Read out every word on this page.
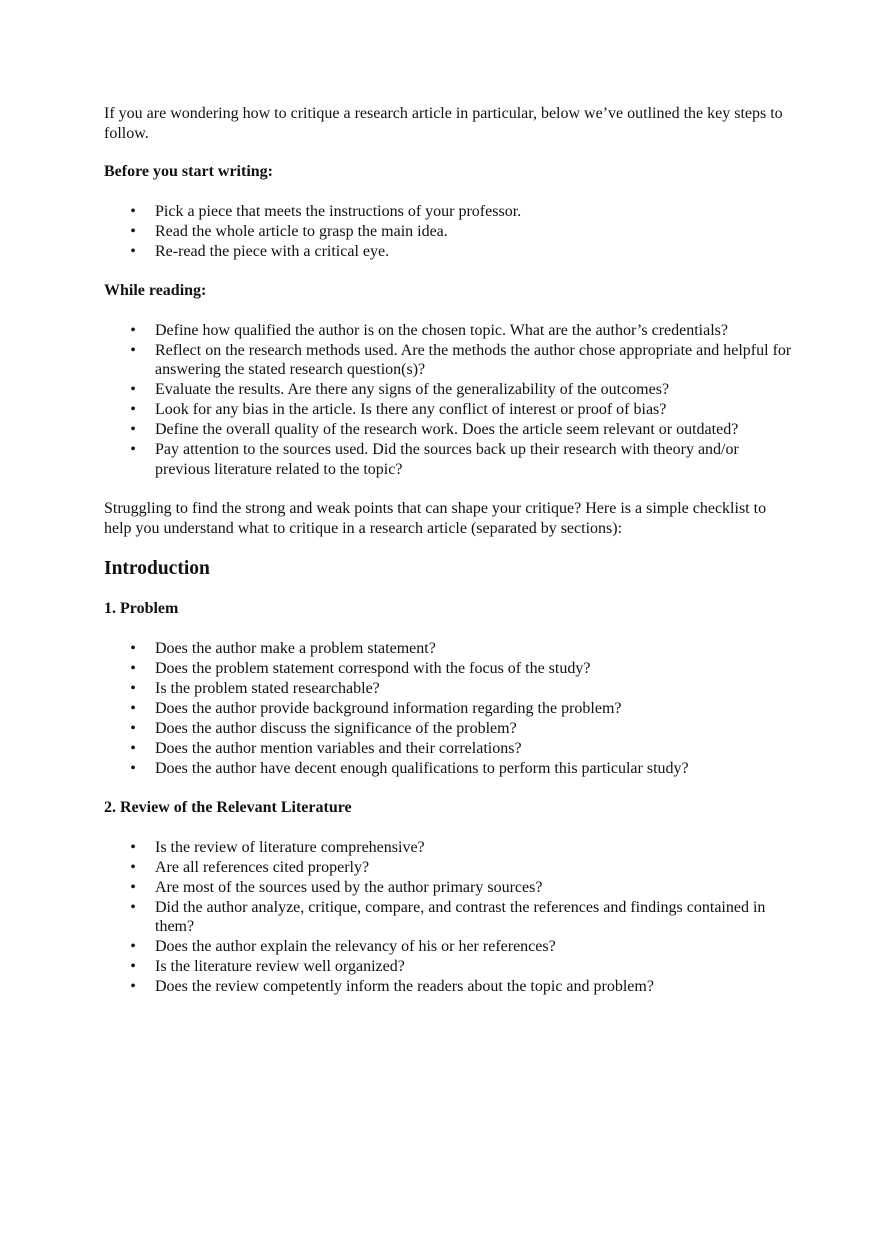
If you are wondering how to critique a research article in particular, below we’ve outlined the key steps to follow.

Before you start writing:

• Pick a piece that meets the instructions of your professor.
• Read the whole article to grasp the main idea.
• Re-read the piece with a critical eye.

While reading:

• Define how qualified the author is on the chosen topic. What are the author’s credentials?
• Reflect on the research methods used. Are the methods the author chose appropriate and helpful for answering the stated research question(s)?
• Evaluate the results. Are there any signs of the generalizability of the outcomes?
• Look for any bias in the article. Is there any conflict of interest or proof of bias?
• Define the overall quality of the research work. Does the article seem relevant or outdated?
• Pay attention to the sources used. Did the sources back up their research with theory and/or previous literature related to the topic?

Struggling to find the strong and weak points that can shape your critique? Here is a simple checklist to help you understand what to critique in a research article (separated by sections):

Introduction

1. Problem

• Does the author make a problem statement?
• Does the problem statement correspond with the focus of the study?
• Is the problem stated researchable?
• Does the author provide background information regarding the problem?
• Does the author discuss the significance of the problem?
• Does the author mention variables and their correlations?
• Does the author have decent enough qualifications to perform this particular study?

2. Review of the Relevant Literature

• Is the review of literature comprehensive?
• Are all references cited properly?
• Are most of the sources used by the author primary sources?
• Did the author analyze, critique, compare, and contrast the references and findings contained in them?
• Does the author explain the relevancy of his or her references?
• Is the literature review well organized?
• Does the review competently inform the readers about the topic and problem?
